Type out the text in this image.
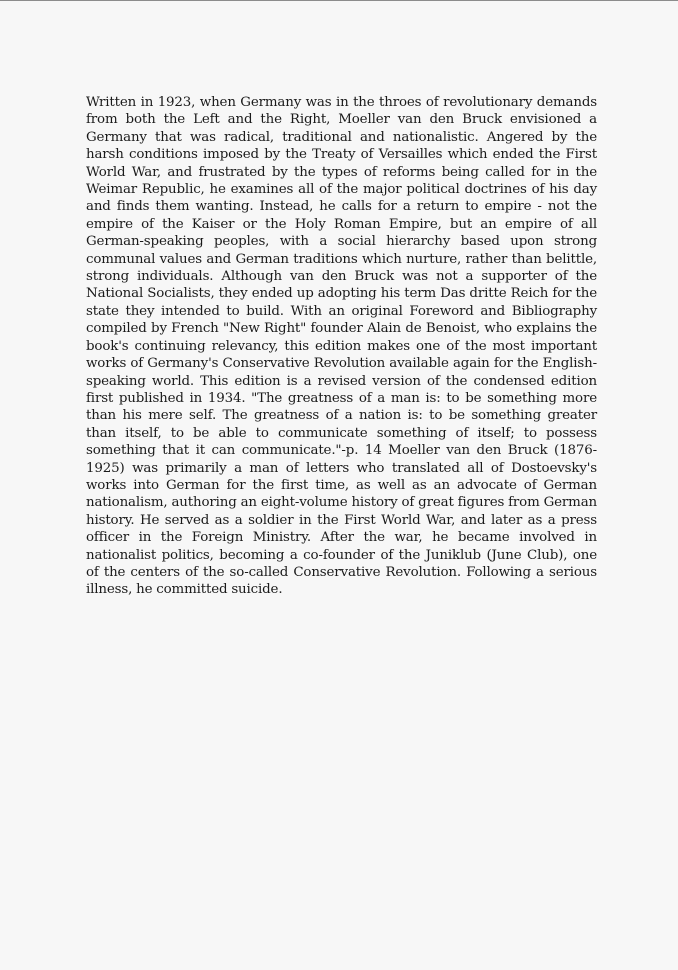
Written in 1923, when Germany was in the throes of revolutionary demands from both the Left and the Right, Moeller van den Bruck envisioned a Germany that was radical, traditional and nationalistic. Angered by the harsh conditions imposed by the Treaty of Versailles which ended the First World War, and frustrated by the types of reforms being called for in the Weimar Republic, he examines all of the major political doctrines of his day and finds them wanting. Instead, he calls for a return to empire - not the empire of the Kaiser or the Holy Roman Empire, but an empire of all German-speaking peoples, with a social hierarchy based upon strong communal values and German traditions which nurture, rather than belittle, strong individuals. Although van den Bruck was not a supporter of the National Socialists, they ended up adopting his term Das dritte Reich for the state they intended to build. With an original Foreword and Bibliography compiled by French "New Right" founder Alain de Benoist, who explains the book's continuing relevancy, this edition makes one of the most important works of Germany's Conservative Revolution available again for the English-speaking world. This edition is a revised version of the condensed edition first published in 1934. "The greatness of a man is: to be something more than his mere self. The greatness of a nation is: to be something greater than itself, to be able to communicate something of itself; to possess something that it can communicate."-p. 14 Moeller van den Bruck (1876-1925) was primarily a man of letters who translated all of Dostoevsky's works into German for the first time, as well as an advocate of German nationalism, authoring an eight-volume history of great figures from German history. He served as a soldier in the First World War, and later as a press officer in the Foreign Ministry. After the war, he became involved in nationalist politics, becoming a co-founder of the Juniklub (June Club), one of the centers of the so-called Conservative Revolution. Following a serious illness, he committed suicide.
